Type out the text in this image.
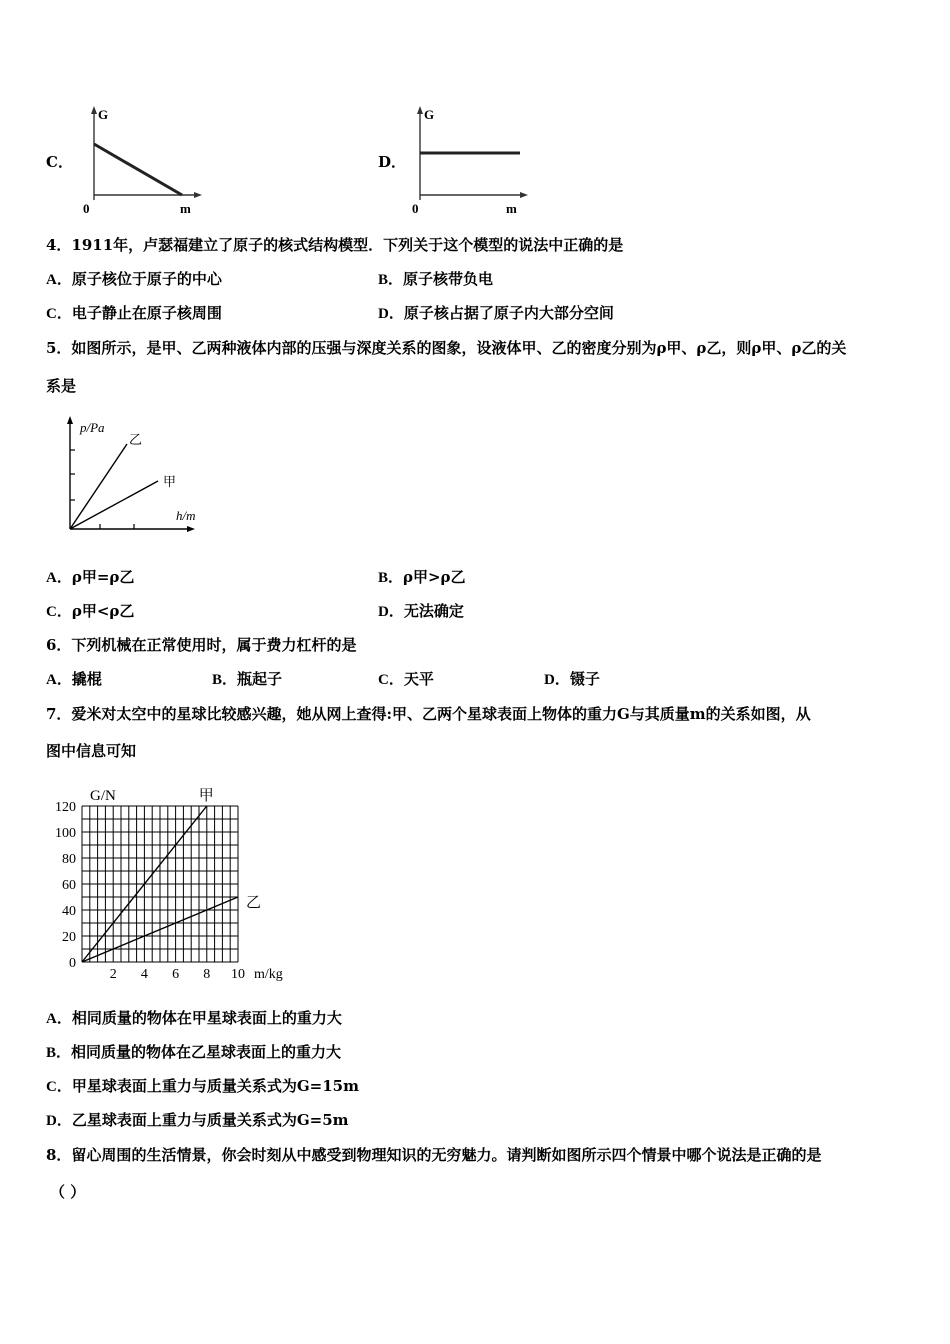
C．
G
0	m
D．
G
0	m
4．1911年，卢瑟福建立了原子的核式结构模型．下列关于这个模型的说法中正确的是
A．原子核位于原子的中心	B．原子核带负电
C．电子静止在原子核周围	D．原子核占据了原子内大部分空间
5．如图所示，是甲、乙两种液体内部的压强与深度关系的图象，设液体甲、乙的密度分别为ρ甲、ρ乙，则ρ甲、ρ乙的关
系是
p/Pa
h/m
乙
甲
A．ρ甲=ρ乙	B．ρ甲>ρ乙
C．ρ甲<ρ乙	D．无法确定
6．下列机械在正常使用时，属于费力杠杆的是
A．撬棍	B．瓶起子	C．天平	D．镊子
7．爱米对太空中的星球比较感兴趣，她从网上查得:甲、乙两个星球表面上物体的重力G与其质量m的关系如图，从
图中信息可知
2 4 6 8 10
0
20
40
60
80
100
120
G/N
m/kg
甲
乙
A．相同质量的物体在甲星球表面上的重力大
B．相同质量的物体在乙星球表面上的重力大
C．甲星球表面上重力与质量关系式为G=15m
D．乙星球表面上重力与质量关系式为G=5m
8．留心周围的生活情景，你会时刻从中感受到物理知识的无穷魅力。请判断如图所示四个情景中哪个说法是正确的是
（ ）
